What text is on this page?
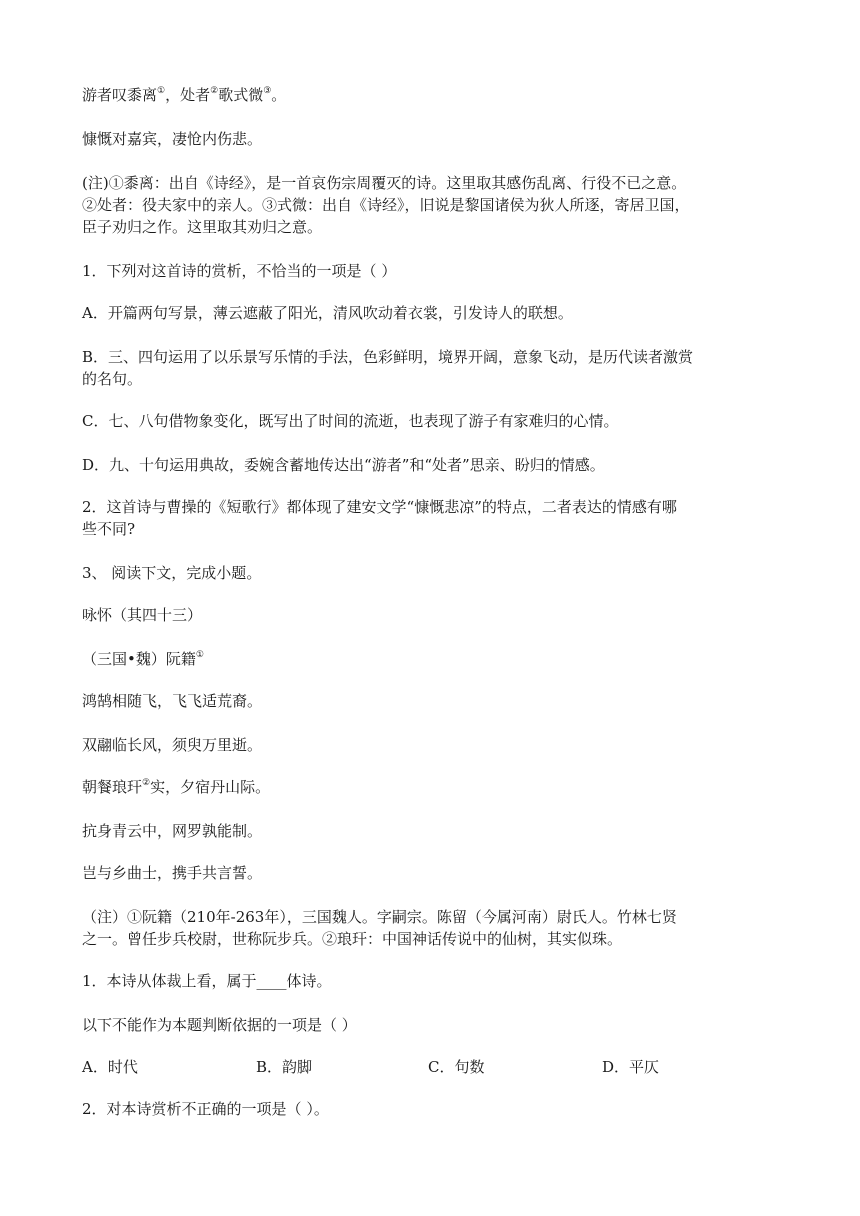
游者叹黍离①，处者②歌式微③。
慷慨对嘉宾，凄怆内伤悲。
(注)①黍离：出自《诗经》，是一首哀伤宗周覆灭的诗。这里取其感伤乱离、行役不已之意。
②处者：役夫家中的亲人。③式微：出自《诗经》，旧说是黎国诸侯为狄人所逐，寄居卫国，
臣子劝归之作。这里取其劝归之意。
1．下列对这首诗的赏析，不恰当的一项是（ ）
A．开篇两句写景，薄云遮蔽了阳光，清风吹动着衣裳，引发诗人的联想。
B．三、四句运用了以乐景写乐情的手法，色彩鲜明，境界开阔，意象飞动，是历代读者激赏
的名句。
C．七、八句借物象变化，既写出了时间的流逝，也表现了游子有家难归的心情。
D．九、十句运用典故，委婉含蓄地传达出“游者”和“处者”思亲、盼归的情感。
2．这首诗与曹操的《短歌行》都体现了建安文学“慷慨悲凉”的特点，二者表达的情感有哪
些不同?
3、 阅读下文，完成小题。
咏怀（其四十三）
（三国•魏）阮籍①
鸿鹄相随飞，飞飞适荒裔。
双翮临长风，须臾万里逝。
朝餐琅玕②实，夕宿丹山际。
抗身青云中，网罗孰能制。
岂与乡曲士，携手共言誓。
（注）①阮籍（210年-263年），三国魏人。字嗣宗。陈留（今属河南）尉氏人。竹林七贤
之一。曾任步兵校尉，世称阮步兵。②琅玕：中国神话传说中的仙树，其实似珠。
1．本诗从体裁上看，属于____体诗。
以下不能作为本题判断依据的一项是（ ）
A．时代	B．韵脚	C．句数	D．平仄
2．对本诗赏析不正确的一项是（ ）。
